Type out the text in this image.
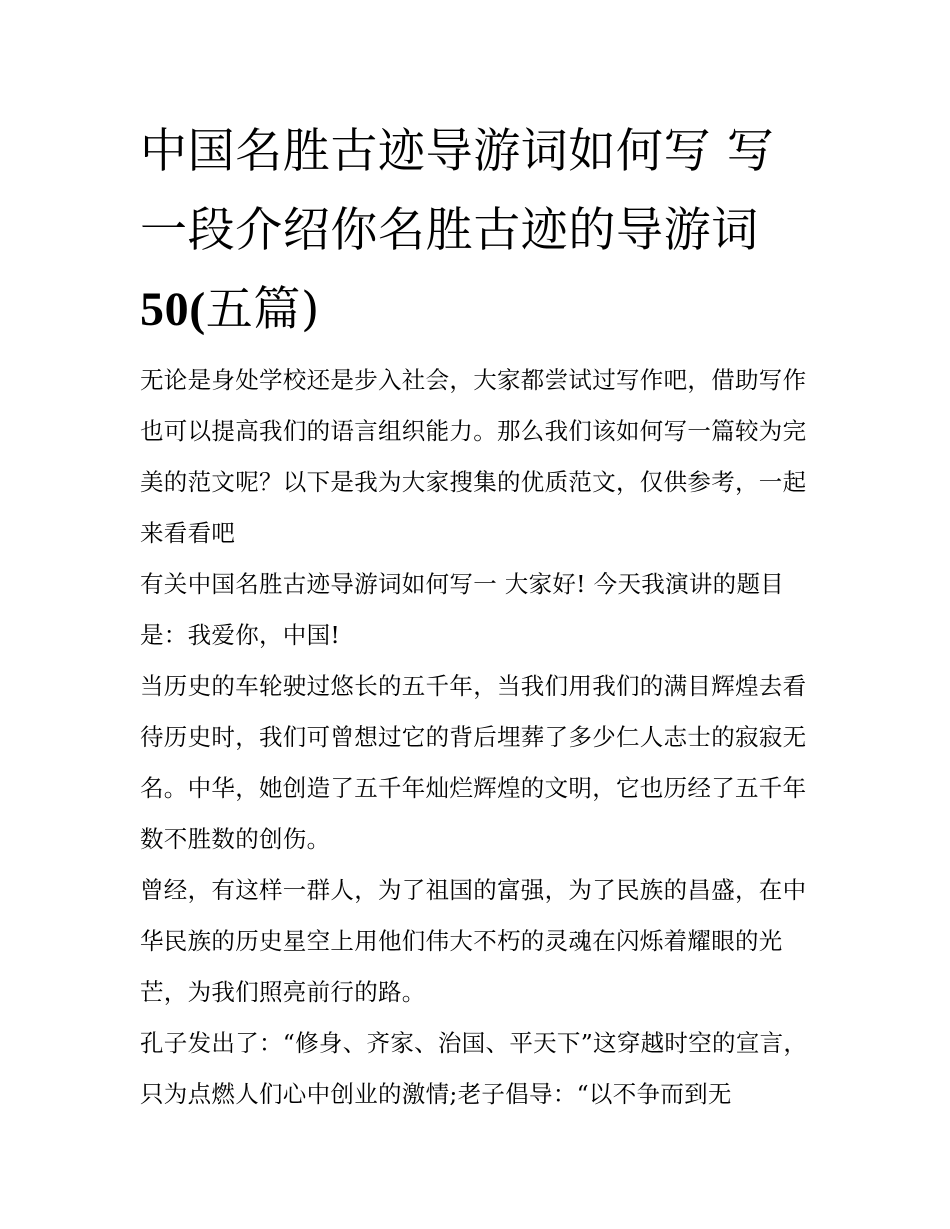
中国名胜古迹导游词如何写 写一段介绍你名胜古迹的导游词
50(五篇)

无论是身处学校还是步入社会，大家都尝试过写作吧，借助写作也可以提高我们的语言组织能力。那么我们该如何写一篇较为完美的范文呢？以下是我为大家搜集的优质范文，仅供参考，一起来看看吧

有关中国名胜古迹导游词如何写一 大家好! 今天我演讲的题目是：我爱你，中国!

当历史的车轮驶过悠长的五千年，当我们用我们的满目辉煌去看待历史时，我们可曾想过它的背后埋葬了多少仁人志士的寂寂无名。中华，她创造了五千年灿烂辉煌的文明，它也历经了五千年数不胜数的创伤。

曾经，有这样一群人，为了祖国的富强，为了民族的昌盛，在中华民族的历史星空上用他们伟大不朽的灵魂在闪烁着耀眼的光芒，为我们照亮前行的路。

孔子发出了：“修身、齐家、治国、平天下”这穿越时空的宣言，只为点燃人们心中创业的激情;老子倡导：“以不争而到无
